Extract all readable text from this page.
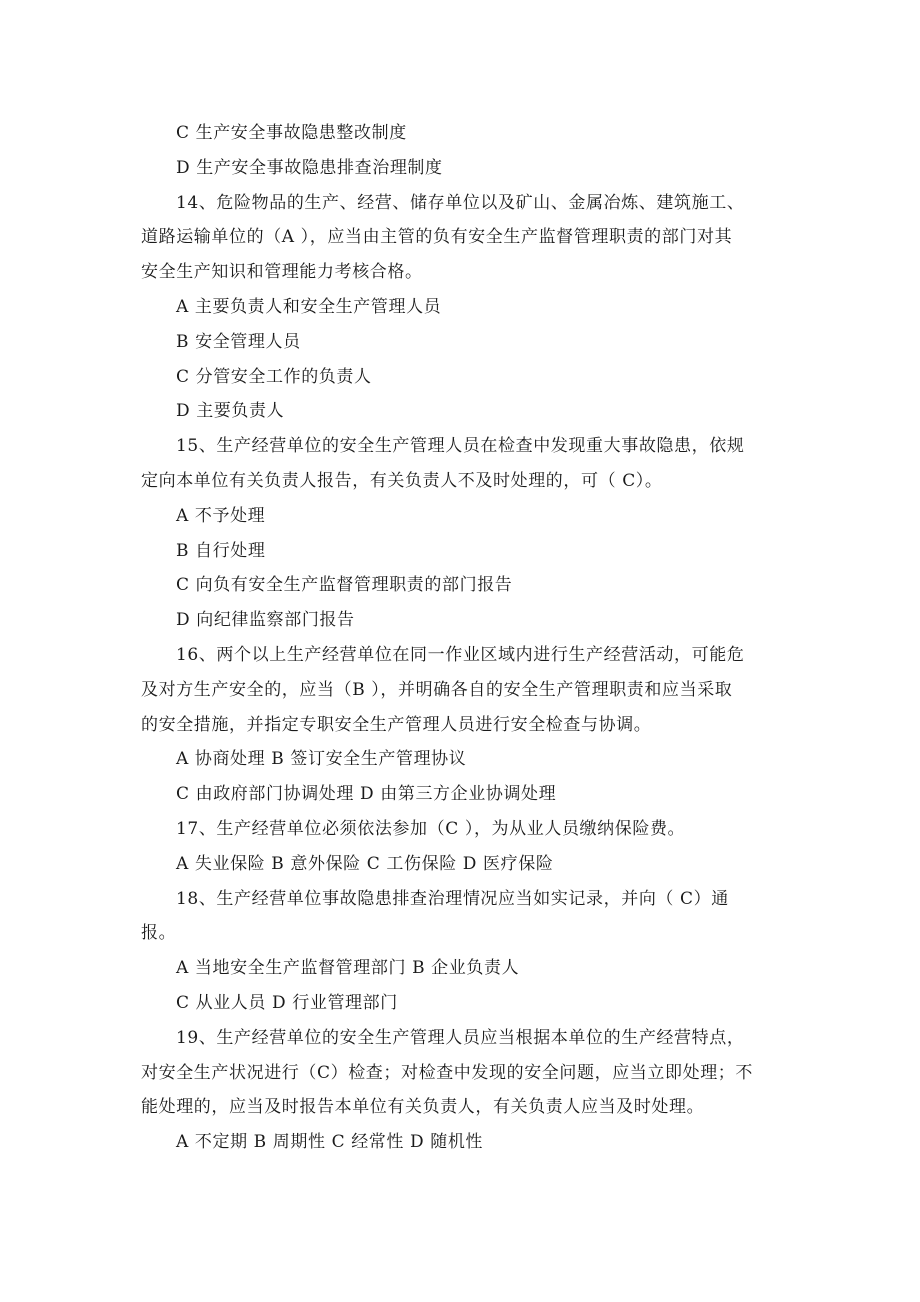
C 生产安全事故隐患整改制度
D 生产安全事故隐患排查治理制度
14、危险物品的生产、经营、储存单位以及矿山、金属冶炼、建筑施工、
道路运输单位的（A ），应当由主管的负有安全生产监督管理职责的部门对其
安全生产知识和管理能力考核合格。
A 主要负责人和安全生产管理人员
B 安全管理人员
C 分管安全工作的负责人
D 主要负责人
15、生产经营单位的安全生产管理人员在检查中发现重大事故隐患，依规
定向本单位有关负责人报告，有关负责人不及时处理的，可（ C）。
A 不予处理
B 自行处理
C 向负有安全生产监督管理职责的部门报告
D 向纪律监察部门报告
16、两个以上生产经营单位在同一作业区域内进行生产经营活动，可能危
及对方生产安全的，应当（B ），并明确各自的安全生产管理职责和应当采取
的安全措施，并指定专职安全生产管理人员进行安全检查与协调。
A 协商处理 B 签订安全生产管理协议
C 由政府部门协调处理 D 由第三方企业协调处理
17、生产经营单位必须依法参加（C ），为从业人员缴纳保险费。
A 失业保险 B 意外保险 C 工伤保险 D 医疗保险
18、生产经营单位事故隐患排查治理情况应当如实记录，并向（ C）通
报。
A 当地安全生产监督管理部门 B 企业负责人
C 从业人员 D 行业管理部门
19、生产经营单位的安全生产管理人员应当根据本单位的生产经营特点，
对安全生产状况进行（C）检查；对检查中发现的安全问题，应当立即处理；不
能处理的，应当及时报告本单位有关负责人，有关负责人应当及时处理。
A 不定期 B 周期性 C 经常性 D 随机性
